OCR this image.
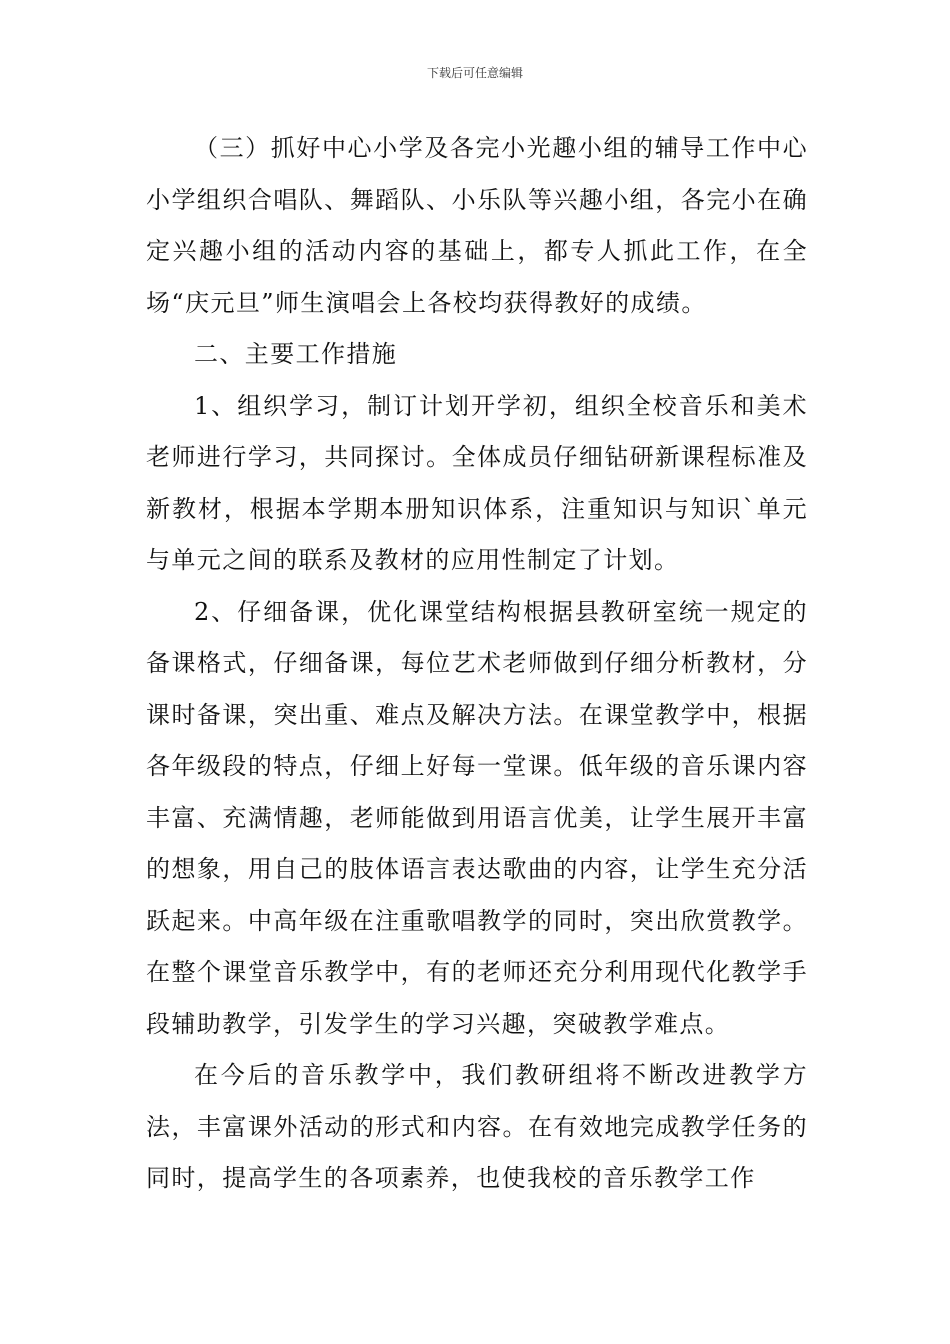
下载后可任意编辑

（三）抓好中心小学及各完小光趣小组的辅导工作中心小学组织合唱队、舞蹈队、小乐队等兴趣小组，各完小在确定兴趣小组的活动内容的基础上，都专人抓此工作，在全场“庆元旦”师生演唱会上各校均获得教好的成绩。

二、主要工作措施

1、组织学习，制订计划开学初，组织全校音乐和美术老师进行学习，共同探讨。全体成员仔细钻研新课程标准及新教材，根据本学期本册知识体系，注重知识与知识`单元与单元之间的联系及教材的应用性制定了计划。

2、仔细备课，优化课堂结构根据县教研室统一规定的备课格式，仔细备课，每位艺术老师做到仔细分析教材，分课时备课，突出重、难点及解决方法。在课堂教学中，根据各年级段的特点，仔细上好每一堂课。低年级的音乐课内容丰富、充满情趣，老师能做到用语言优美，让学生展开丰富的想象，用自己的肢体语言表达歌曲的内容，让学生充分活跃起来。中高年级在注重歌唱教学的同时，突出欣赏教学。在整个课堂音乐教学中，有的老师还充分利用现代化教学手段辅助教学，引发学生的学习兴趣，突破教学难点。

在今后的音乐教学中，我们教研组将不断改进教学方法，丰富课外活动的形式和内容。在有效地完成教学任务的同时，提高学生的各项素养，也使我校的音乐教学工作
